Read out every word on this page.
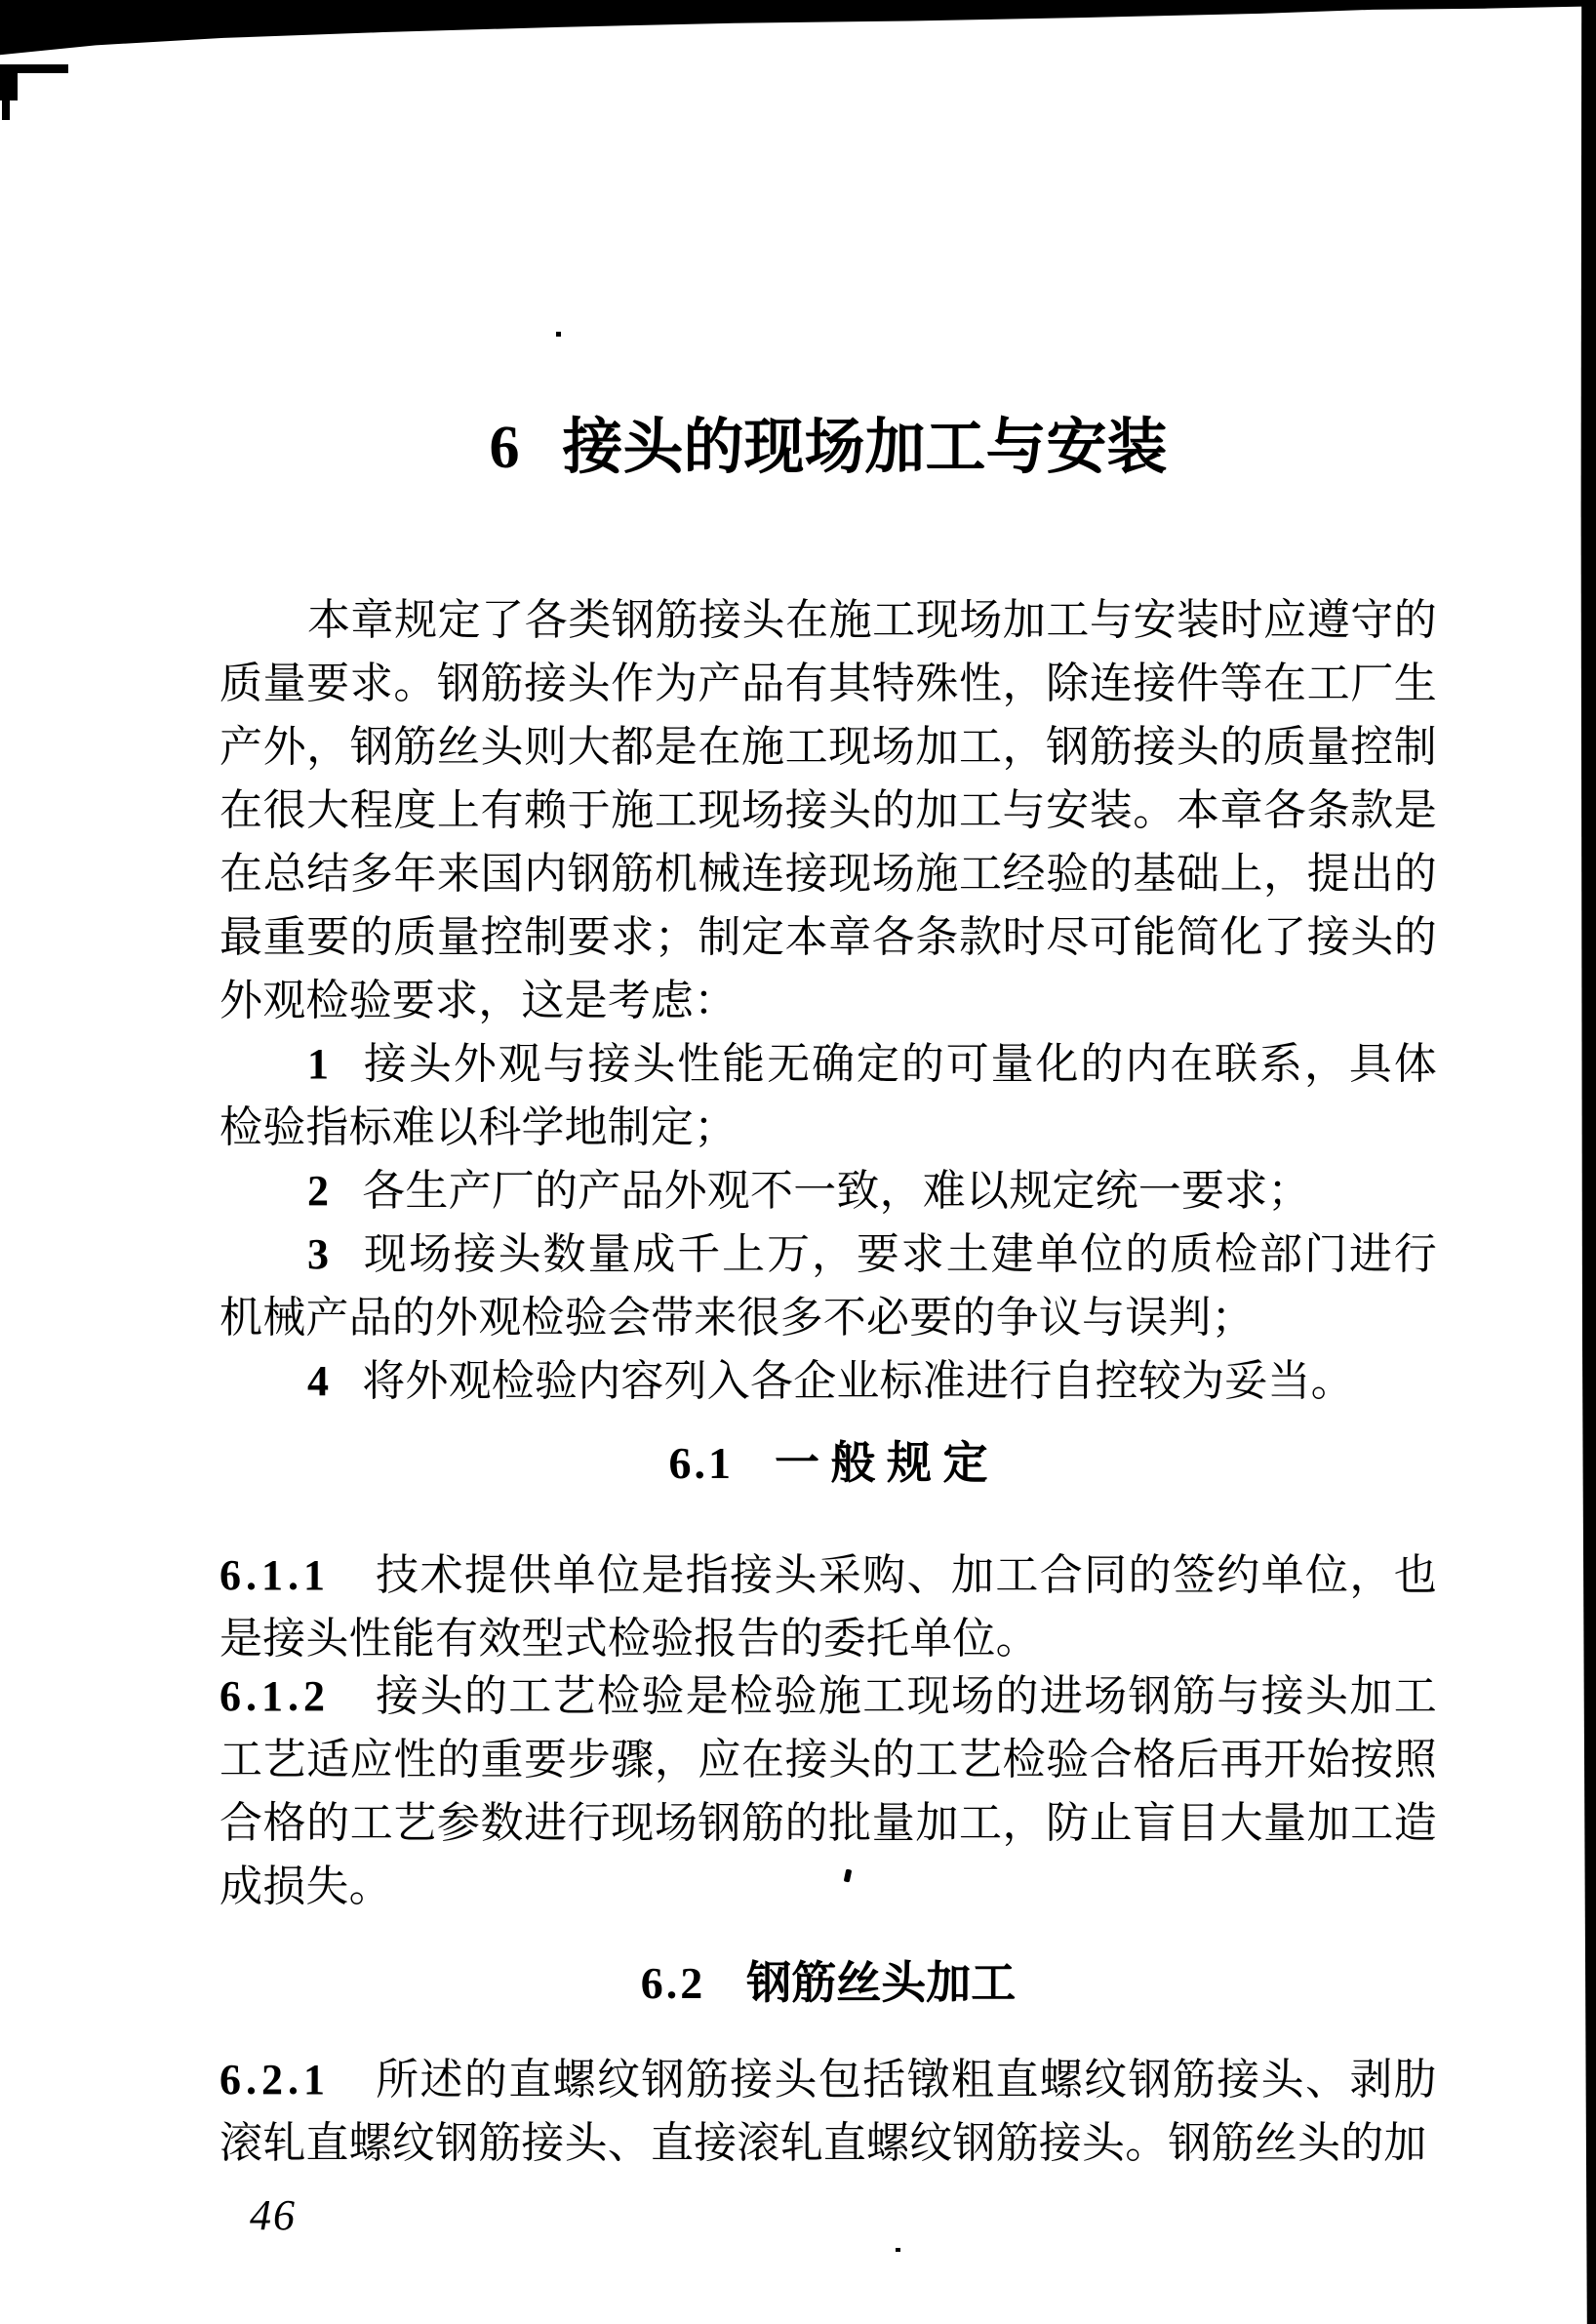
6 接头的现场加工与安装

本章规定了各类钢筋接头在施工现场加工与安装时应遵守的质量要求。钢筋接头作为产品有其特殊性，除连接件等在工厂生产外，钢筋丝头则大都是在施工现场加工，钢筋接头的质量控制在很大程度上有赖于施工现场接头的加工与安装。本章各条款是在总结多年来国内钢筋机械连接现场施工经验的基础上，提出的最重要的质量控制要求；制定本章各条款时尽可能简化了接头的外观检验要求，这是考虑：

1 接头外观与接头性能无确定的可量化的内在联系，具体检验指标难以科学地制定；

2 各生产厂的产品外观不一致，难以规定统一要求；

3 现场接头数量成千上万，要求土建单位的质检部门进行机械产品的外观检验会带来很多不必要的争议与误判；

4 将外观检验内容列入各企业标准进行自控较为妥当。

6.1 一 般 规 定

6.1.1 技术提供单位是指接头采购、加工合同的签约单位，也是接头性能有效型式检验报告的委托单位。

6.1.2 接头的工艺检验是检验施工现场的进场钢筋与接头加工工艺适应性的重要步骤，应在接头的工艺检验合格后再开始按照合格的工艺参数进行现场钢筋的批量加工，防止盲目大量加工造成损失。

6.2 钢筋丝头加工

6.2.1 所述的直螺纹钢筋接头包括镦粗直螺纹钢筋接头、剥肋滚轧直螺纹钢筋接头、直接滚轧直螺纹钢筋接头。钢筋丝头的加

46
